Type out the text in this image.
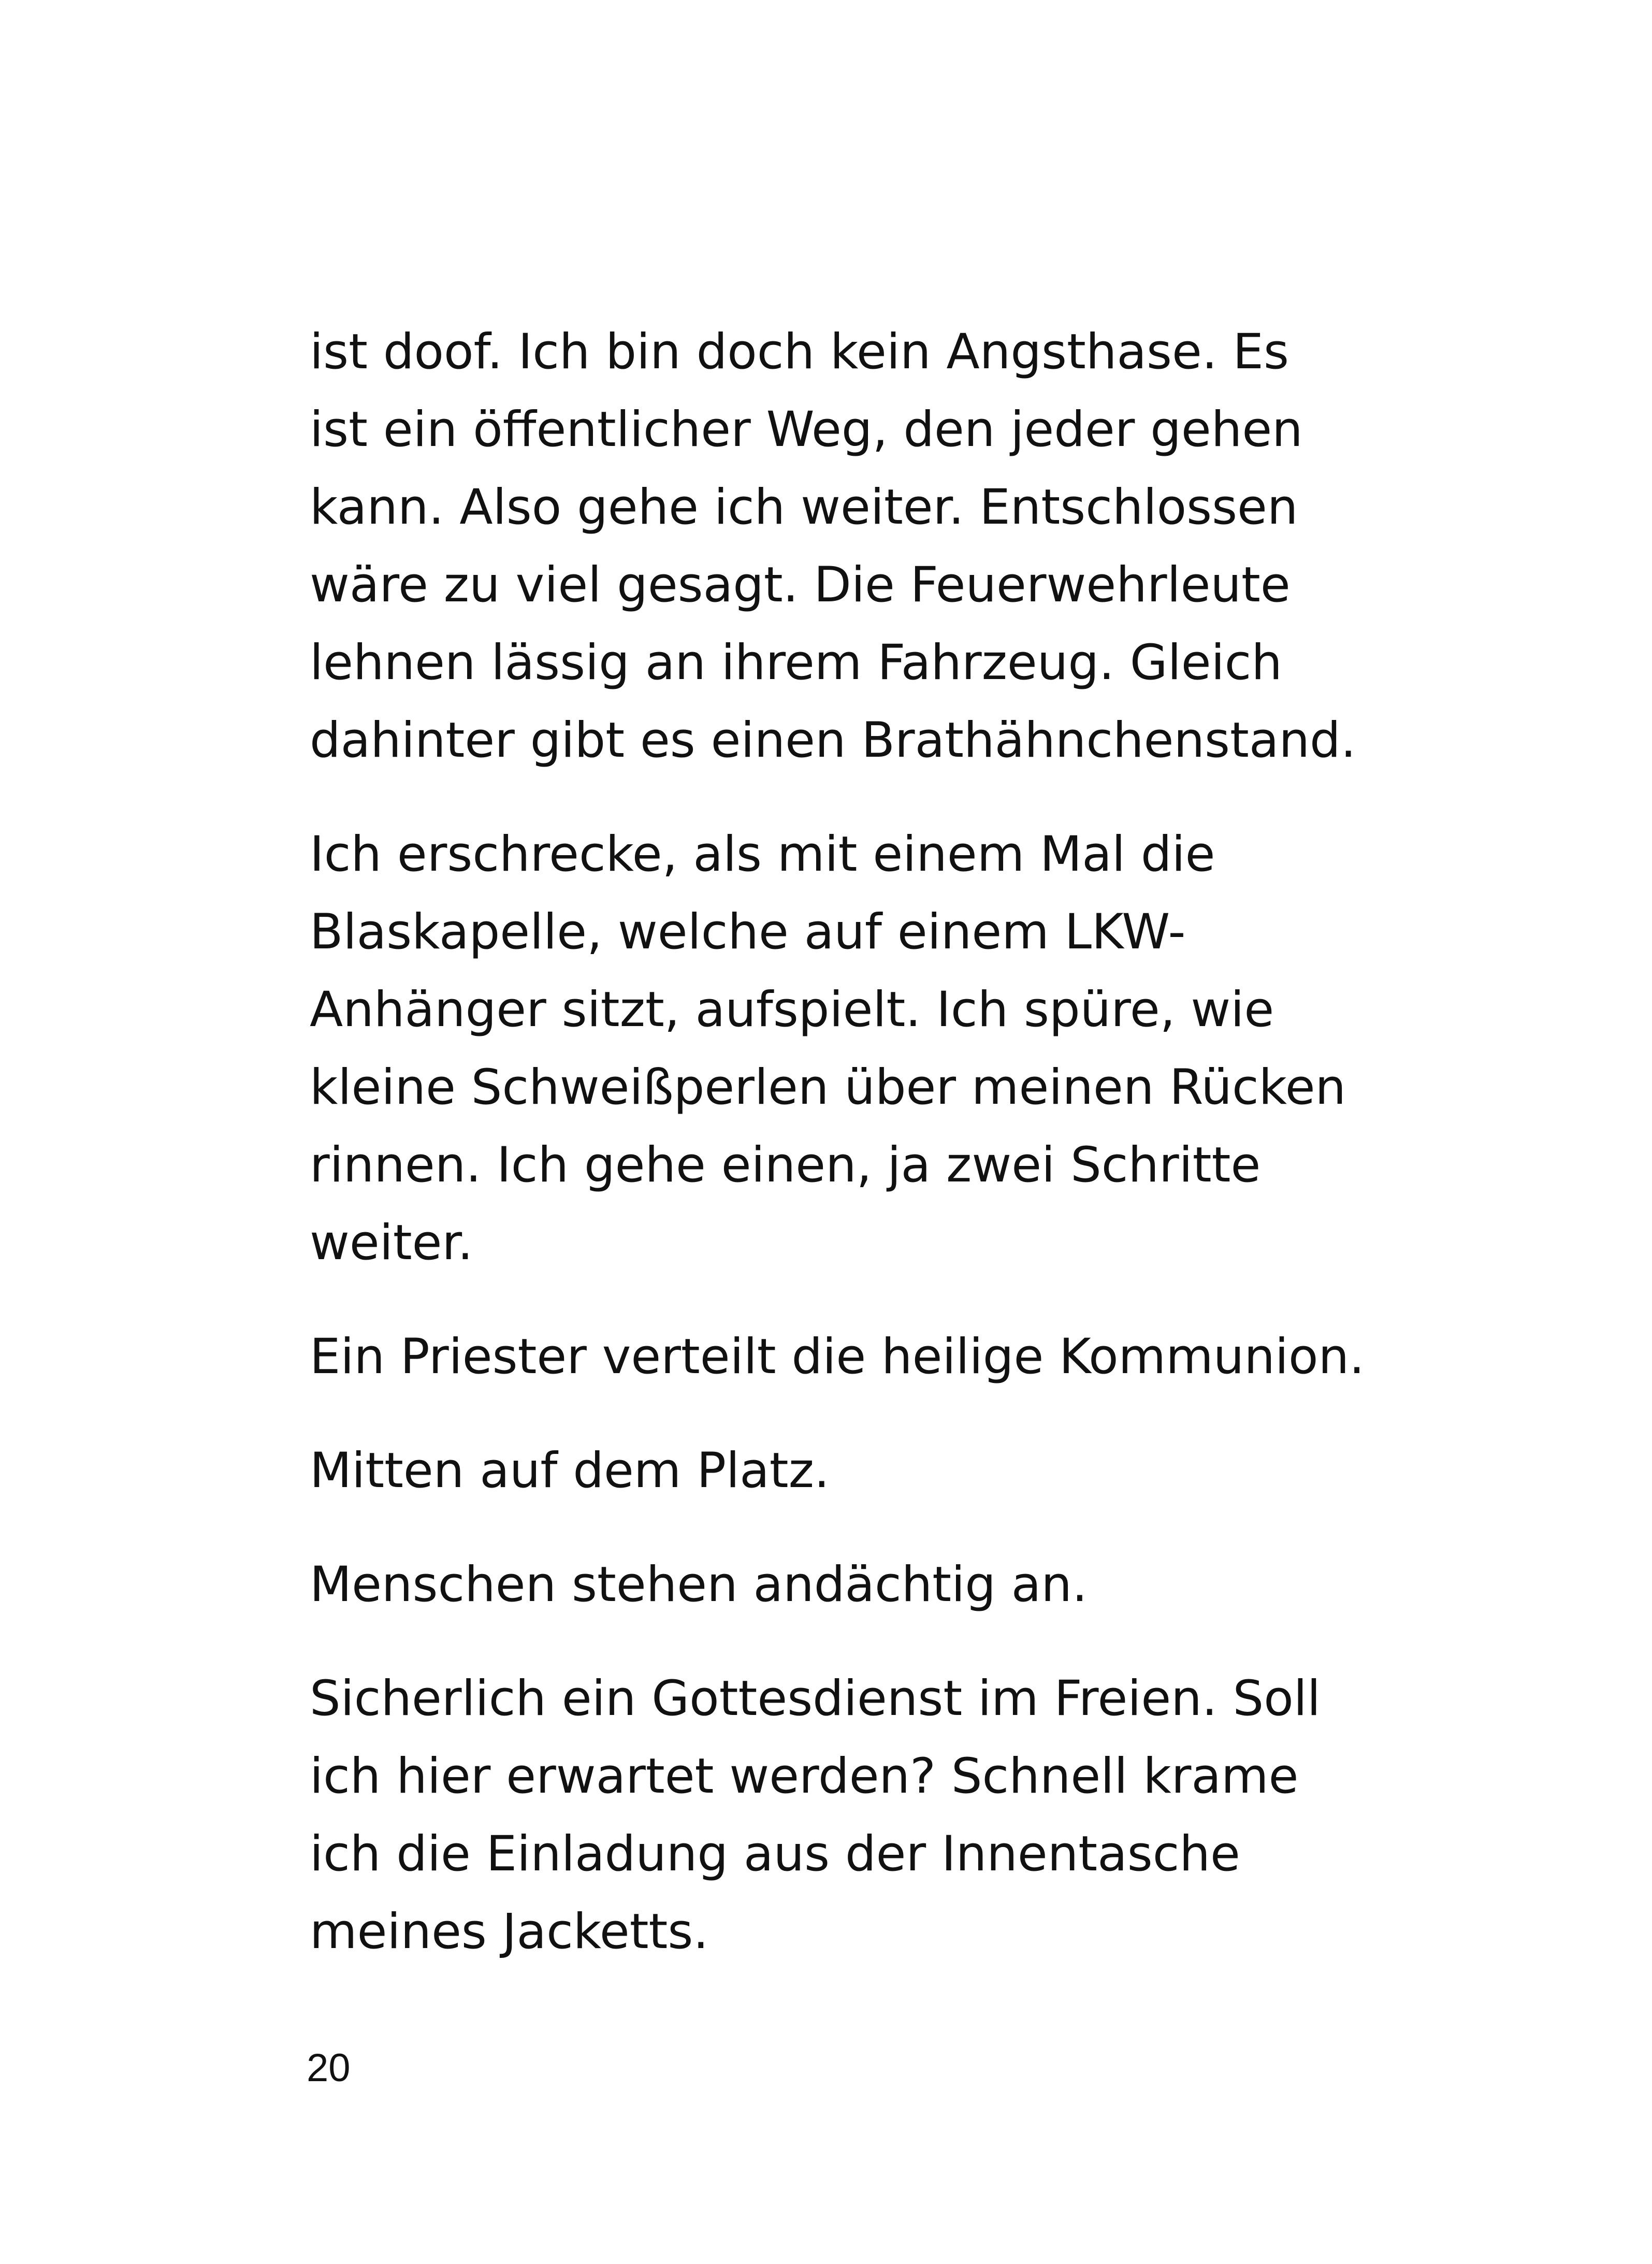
ist doof. Ich bin doch kein Angsthase. Es
ist ein öffentlicher Weg, den jeder gehen
kann. Also gehe ich weiter. Entschlossen
wäre zu viel gesagt. Die Feuerwehrleute
lehnen lässig an ihrem Fahrzeug. Gleich
dahinter gibt es einen Brathähnchenstand.

Ich erschrecke, als mit einem Mal die
Blaskapelle, welche auf einem LKW-
Anhänger sitzt, aufspielt. Ich spüre, wie
kleine Schweißperlen über meinen Rücken
rinnen. Ich gehe einen, ja zwei Schritte
weiter.

Ein Priester verteilt die heilige Kommunion.

Mitten auf dem Platz.

Menschen stehen andächtig an.

Sicherlich ein Gottesdienst im Freien. Soll
ich hier erwartet werden? Schnell krame
ich die Einladung aus der Innentasche
meines Jacketts.

20
